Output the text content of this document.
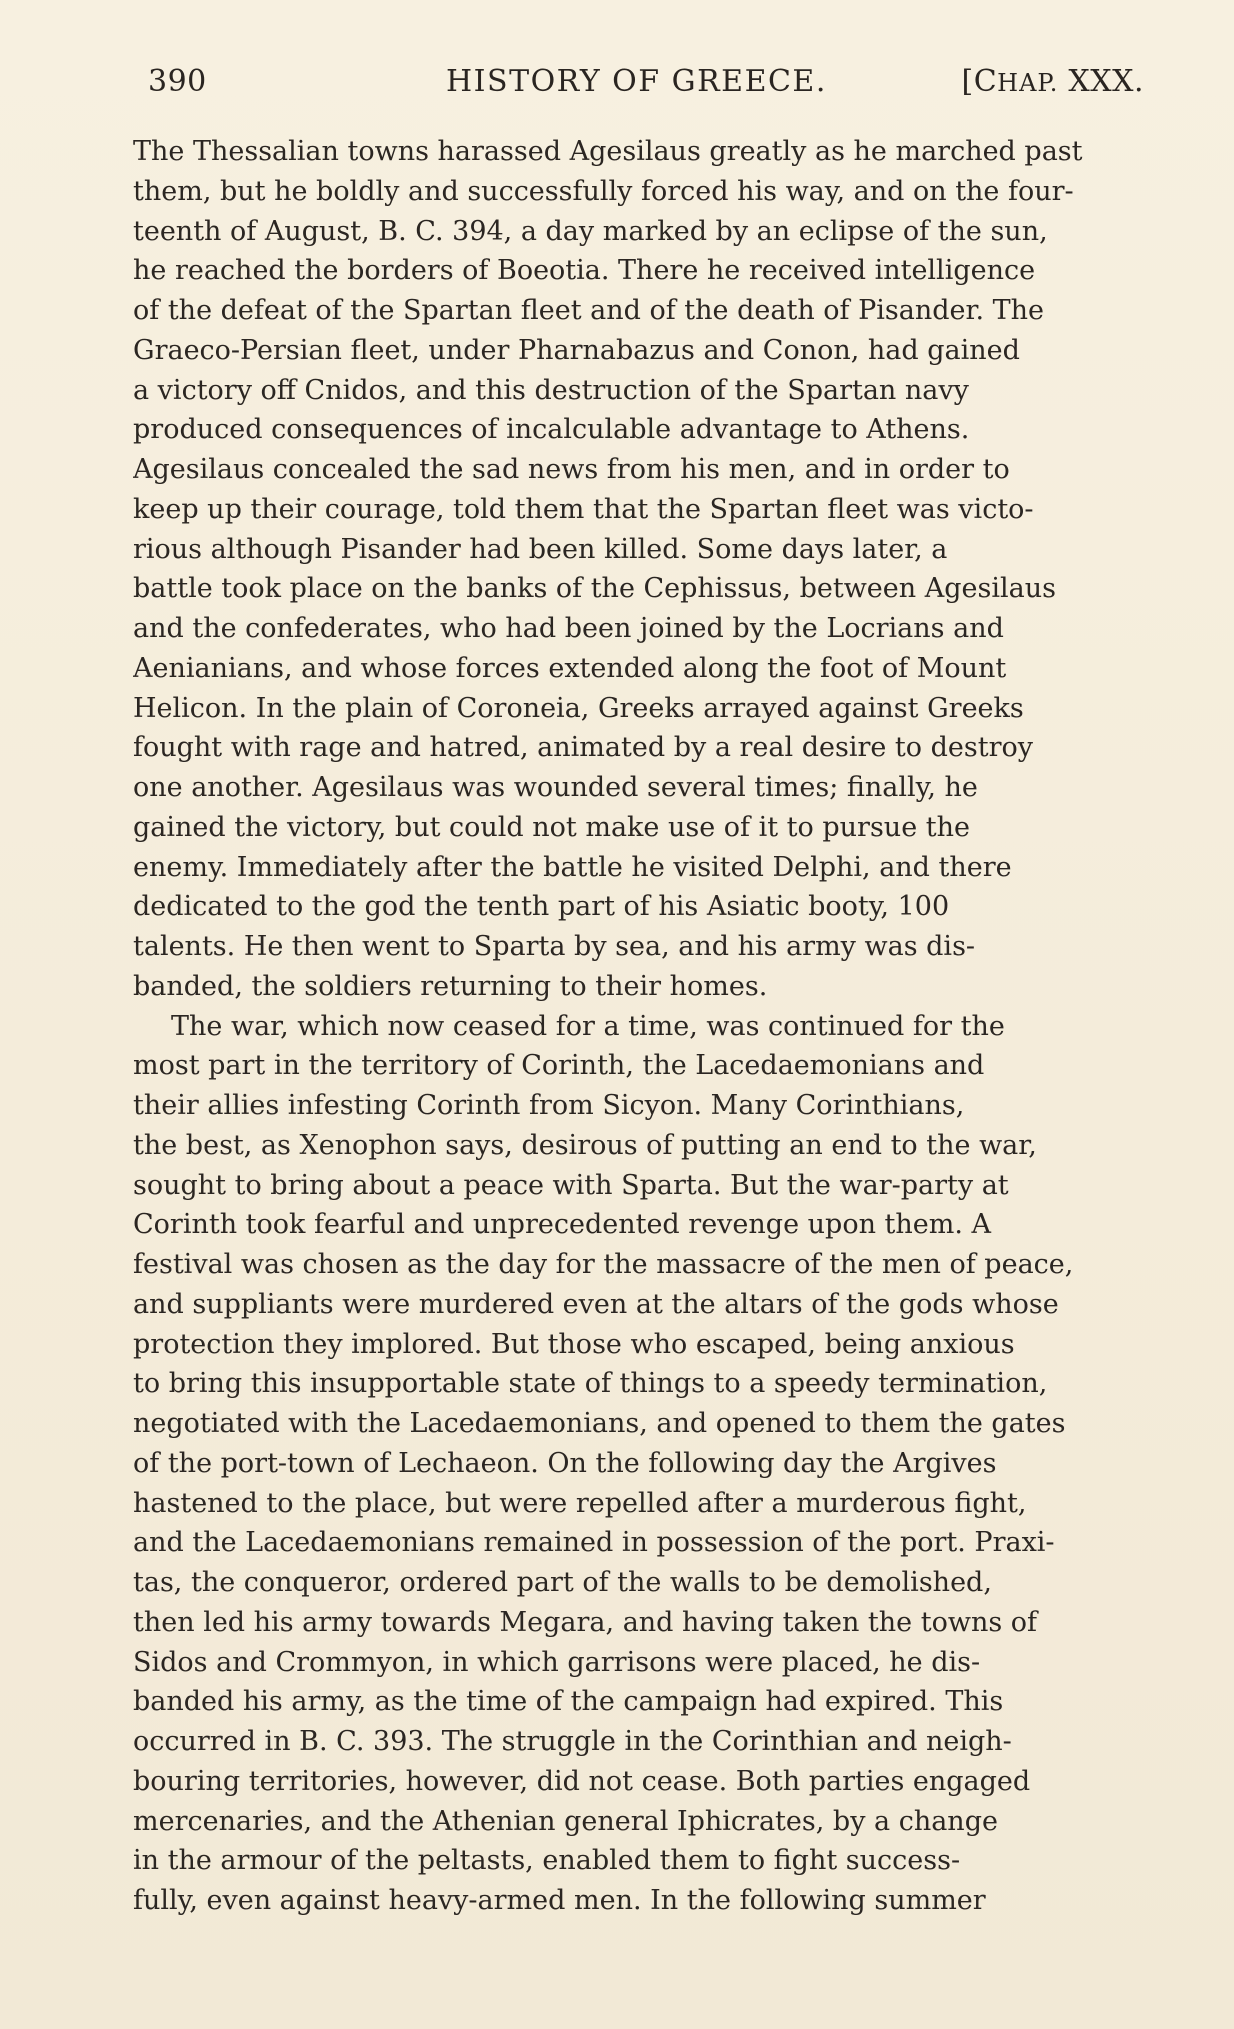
390	HISTORY OF GREECE.	[CHAP. XXX.
The Thessalian towns harassed Agesilaus greatly as he marched past
them, but he boldly and successfully forced his way, and on the four-
teenth of August, B. C. 394, a day marked by an eclipse of the sun,
he reached the borders of Boeotia. There he received intelligence
of the defeat of the Spartan fleet and of the death of Pisander. The
Graeco-Persian fleet, under Pharnabazus and Conon, had gained
a victory off Cnidos, and this destruction of the Spartan navy
produced consequences of incalculable advantage to Athens.
Agesilaus concealed the sad news from his men, and in order to
keep up their courage, told them that the Spartan fleet was victo-
rious although Pisander had been killed. Some days later, a
battle took place on the banks of the Cephissus, between Agesilaus
and the confederates, who had been joined by the Locrians and
Aenianians, and whose forces extended along the foot of Mount
Helicon. In the plain of Coroneia, Greeks arrayed against Greeks
fought with rage and hatred, animated by a real desire to destroy
one another. Agesilaus was wounded several times; finally, he
gained the victory, but could not make use of it to pursue the
enemy. Immediately after the battle he visited Delphi, and there
dedicated to the god the tenth part of his Asiatic booty, 100
talents. He then went to Sparta by sea, and his army was dis-
banded, the soldiers returning to their homes.
The war, which now ceased for a time, was continued for the
most part in the territory of Corinth, the Lacedaemonians and
their allies infesting Corinth from Sicyon. Many Corinthians,
the best, as Xenophon says, desirous of putting an end to the war,
sought to bring about a peace with Sparta. But the war-party at
Corinth took fearful and unprecedented revenge upon them. A
festival was chosen as the day for the massacre of the men of peace,
and suppliants were murdered even at the altars of the gods whose
protection they implored. But those who escaped, being anxious
to bring this insupportable state of things to a speedy termination,
negotiated with the Lacedaemonians, and opened to them the gates
of the port-town of Lechaeon. On the following day the Argives
hastened to the place, but were repelled after a murderous fight,
and the Lacedaemonians remained in possession of the port. Praxi-
tas, the conqueror, ordered part of the walls to be demolished,
then led his army towards Megara, and having taken the towns of
Sidos and Crommyon, in which garrisons were placed, he dis-
banded his army, as the time of the campaign had expired. This
occurred in B. C. 393. The struggle in the Corinthian and neigh-
bouring territories, however, did not cease. Both parties engaged
mercenaries, and the Athenian general Iphicrates, by a change
in the armour of the peltasts, enabled them to fight success-
fully, even against heavy-armed men. In the following summer
